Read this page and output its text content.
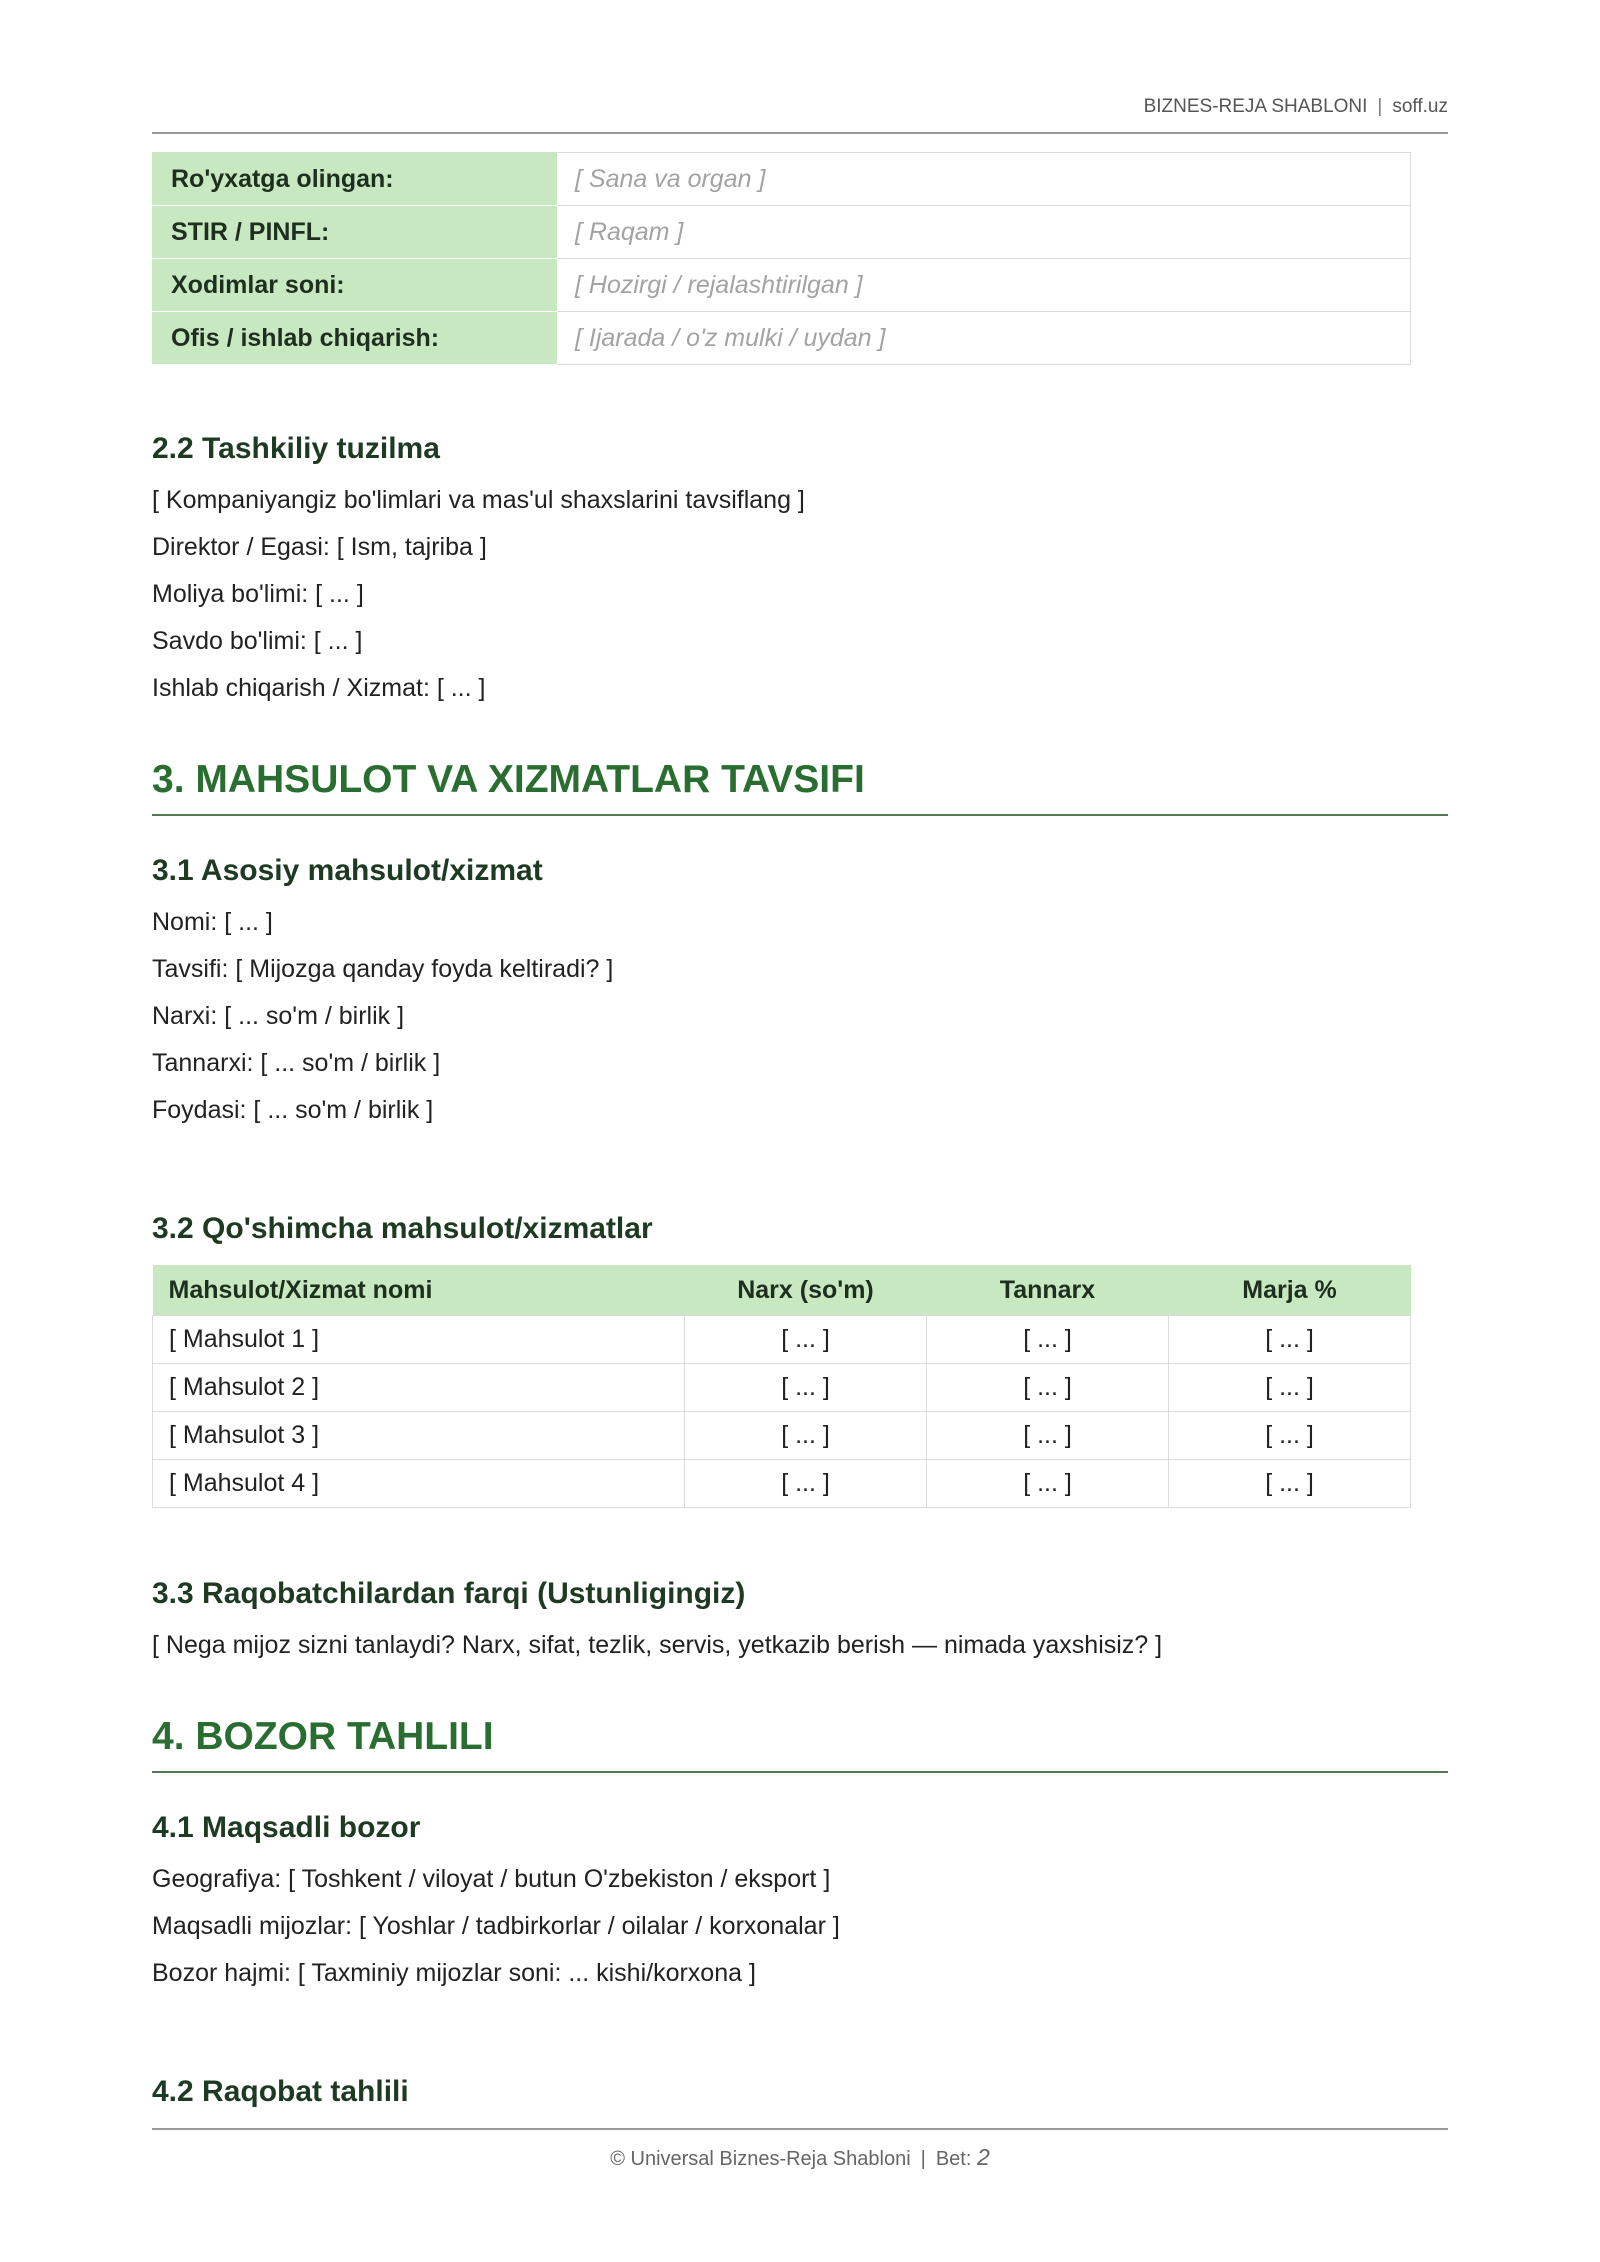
BIZNES-REJA SHABLONI | soff.uz
Ro'yxatga olingan:	[ Sana va organ ]
STIR / PINFL:	[ Raqam ]
Xodimlar soni:	[ Hozirgi / rejalashtirilgan ]
Ofis / ishlab chiqarish:	[ Ijarada / o'z mulki / uydan ]
2.2 Tashkiliy tuzilma
[ Kompaniyangiz bo'limlari va mas'ul shaxslarini tavsiflang ]
Direktor / Egasi: [ Ism, tajriba ]
Moliya bo'limi: [ ... ]
Savdo bo'limi: [ ... ]
Ishlab chiqarish / Xizmat: [ ... ]
3. MAHSULOT VA XIZMATLAR TAVSIFI
3.1 Asosiy mahsulot/xizmat
Nomi: [ ... ]
Tavsifi: [ Mijozga qanday foyda keltiradi? ]
Narxi: [ ... so'm / birlik ]
Tannarxi: [ ... so'm / birlik ]
Foydasi: [ ... so'm / birlik ]
3.2 Qo'shimcha mahsulot/xizmatlar
Mahsulot/Xizmat nomi	Narx (so'm)	Tannarx	Marja %
[ Mahsulot 1 ]	[ ... ]	[ ... ]	[ ... ]
[ Mahsulot 2 ]	[ ... ]	[ ... ]	[ ... ]
[ Mahsulot 3 ]	[ ... ]	[ ... ]	[ ... ]
[ Mahsulot 4 ]	[ ... ]	[ ... ]	[ ... ]
3.3 Raqobatchilardan farqi (Ustunligingiz)
[ Nega mijoz sizni tanlaydi? Narx, sifat, tezlik, servis, yetkazib berish — nimada yaxshisiz? ]
4. BOZOR TAHLILI
4.1 Maqsadli bozor
Geografiya: [ Toshkent / viloyat / butun O'zbekiston / eksport ]
Maqsadli mijozlar: [ Yoshlar / tadbirkorlar / oilalar / korxonalar ]
Bozor hajmi: [ Taxminiy mijozlar soni: ... kishi/korxona ]
4.2 Raqobat tahlili
© Universal Biznes-Reja Shabloni | Bet: 2
